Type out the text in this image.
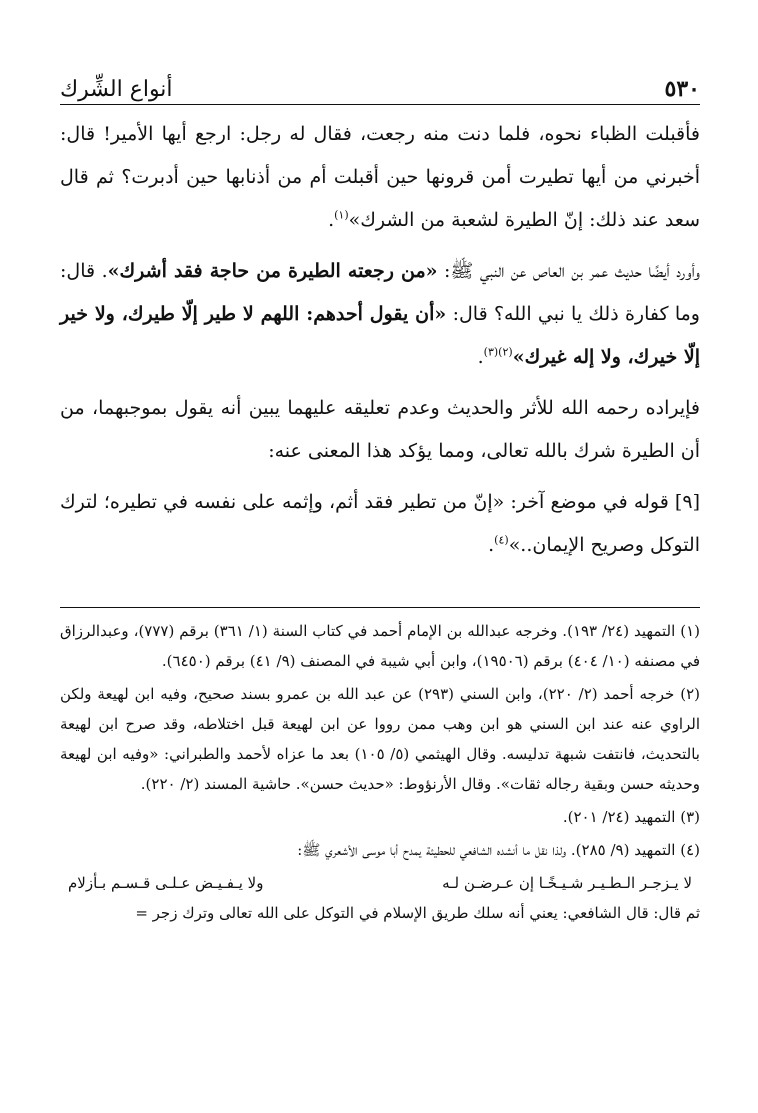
٥٣٠
أنواع الشِّرك

فأقبلت الظباء نحوه، فلما دنت منه رجعت، فقال له رجل: ارجع أيها الأمير! قال: أخبرني من أيها تطيرت أمن قرونها حين أقبلت أم من أذنابها حين أدبرت؟ ثم قال سعد عند ذلك: إنّ الطيرة لشعبة من الشرك»$^{(١)}$.

وأورد أيضًا حديث عمر بن العاص عن النبي ﷺ: «من رجعته الطيرة من حاجة فقد أشرك». قال: وما كفارة ذلك يا نبي الله؟ قال: «أن يقول أحدهم: اللهم لا طير إلّا طيرك، ولا خير إلّا خيرك، ولا إله غيرك»$^{(٢)(٣)}$.

فإيراده رحمه الله للأثر والحديث وعدم تعليقه عليهما يبين أنه يقول بموجبهما، من أن الطيرة شرك بالله تعالى، ومما يؤكد هذا المعنى عنه:

[٩] قوله في موضع آخر: «إنّ من تطير فقد أثم، وإثمه على نفسه في تطيره؛ لترك التوكل وصريح الإيمان..»$^{(٤)}$.

(١) التمهيد (٢٤/ ١٩٣). وخرجه عبدالله بن الإمام أحمد في كتاب السنة (١/ ٣٦١) برقم (٧٧٧)، وعبدالرزاق في مصنفه (١٠/ ٤٠٤) برقم (١٩٥٠٦)، وابن أبي شيبة في المصنف (٩/ ٤١) برقم (٦٤٥٠).
(٢) خرجه أحمد (٢/ ٢٢٠)، وابن السني (٢٩٣) عن عبد الله بن عمرو بسند صحيح، وفيه ابن لهيعة ولكن الراوي عنه عند ابن السني هو ابن وهب ممن رووا عن ابن لهيعة قبل اختلاطه، وقد صرح ابن لهيعة بالتحديث، فانتفت شبهة تدليسه. وقال الهيثمي (٥/ ١٠٥) بعد ما عزاه لأحمد والطبراني: «وفيه ابن لهيعة وحديثه حسن وبقية رجاله ثقات». وقال الأرنؤوط: «حديث حسن». حاشية المسند (٢/ ٢٢٠).
(٣) التمهيد (٢٤/ ٢٠١).
(٤) التمهيد (٩/ ٢٨٥). ولذا نقل ما أنشده الشافعي للحطيئة يمدح أبا موسى الأشعري ﷺ:
لا يـزجـر الـطـيـر شـيـخًـا إن عـرضـن لـه
ولا يـفـيـض عـلـى قـسـم بـأزلام
ثم قال: قال الشافعي: يعني أنه سلك طريق الإسلام في التوكل على الله تعالى وترك زجر =
